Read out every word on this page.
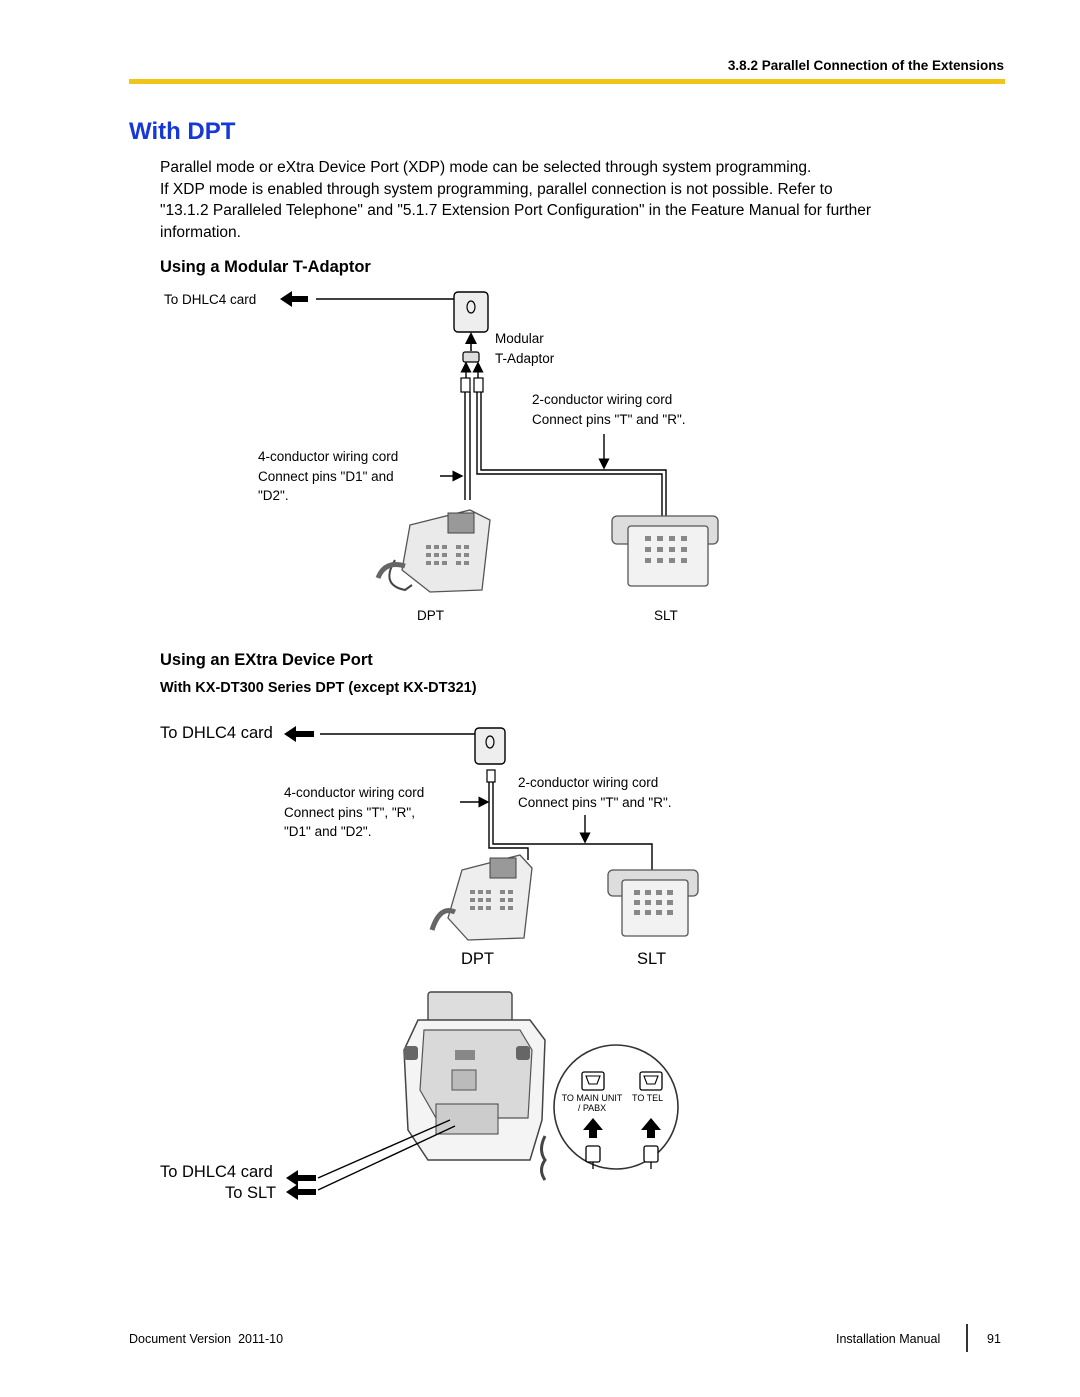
3.8.2 Parallel Connection of the Extensions
With DPT

Parallel mode or eXtra Device Port (XDP) mode can be selected through system programming.

If XDP mode is enabled through system programming, parallel connection is not possible. Refer to

"13.1.2 Paralleled Telephone" and "5.1.7 Extension Port Configuration" in the Feature Manual for further

information.

Using a Modular T-Adaptor
To DHLC4 card
Modular
T-Adaptor
2-conductor wiring cord
Connect pins "T" and "R".
4-conductor wiring cord
Connect pins "D1" and
"D2".
DPT	SLT
Using an EXtra Device Port
With KX-DT300 Series DPT (except KX-DT321)
To DHLC4 card
4-conductor wiring cord
Connect pins "T", "R",
"D1" and "D2".
2-conductor wiring cord
Connect pins "T" and "R".
DPT	SLT
TO MAIN UNIT
/ PABX
TO TEL
To DHLC4 card
To SLT
Document Version 2011-10	Installation Manual	91
